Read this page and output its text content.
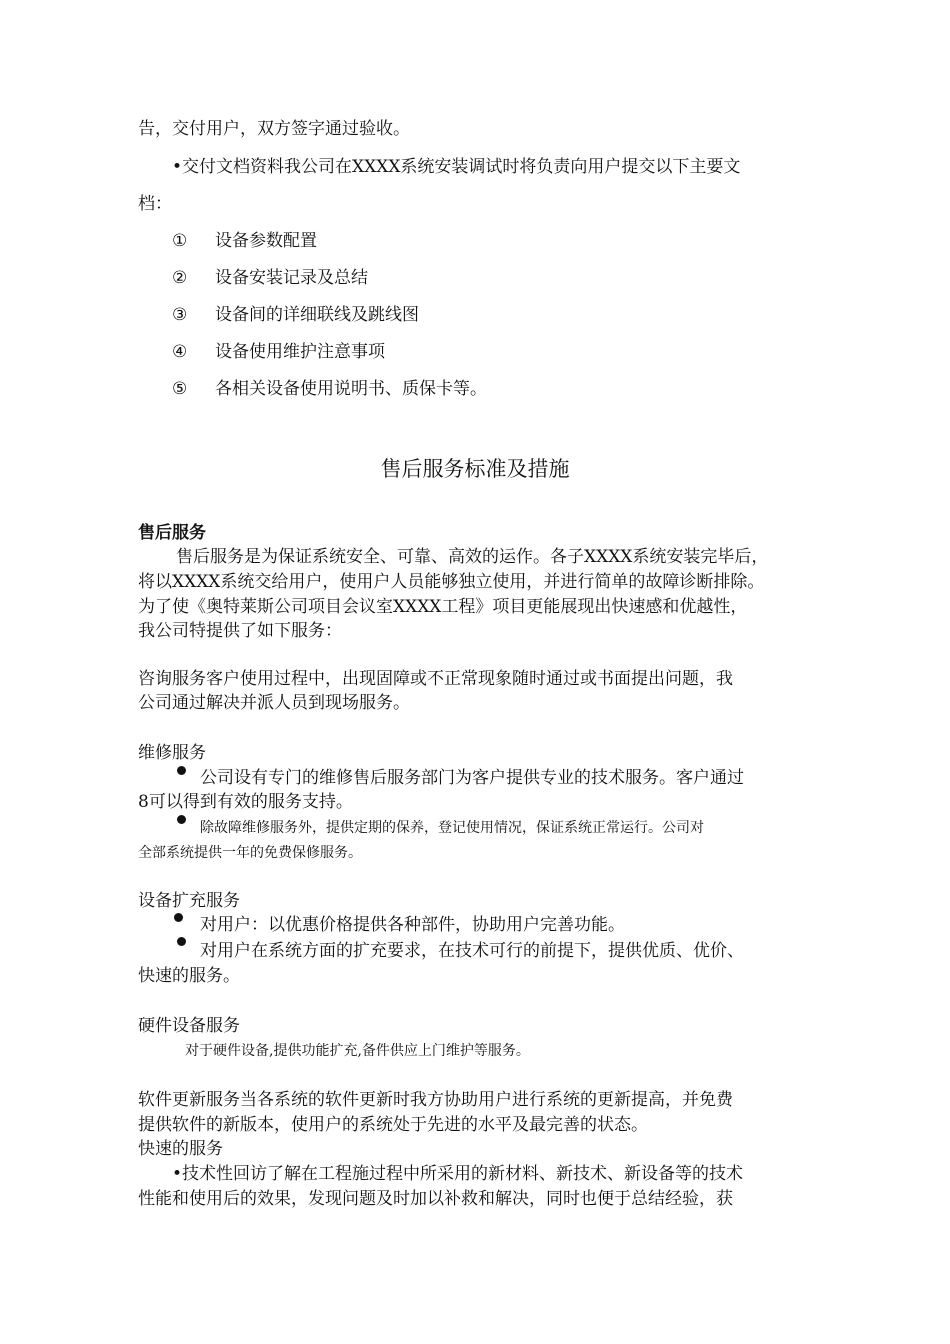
告，交付用户，双方签字通过验收。
•交付文档资料我公司在XXXX系统安装调试时将负责向用户提交以下主要文
档：
① 设备参数配置
② 设备安装记录及总结
③ 设备间的详细联线及跳线图
④ 设备使用维护注意事项
⑤ 各相关设备使用说明书、质保卡等。
售后服务标准及措施
售后服务
售后服务是为保证系统安全、可靠、高效的运作。各子XXXX系统安装完毕后，
将以XXXX系统交给用户，使用户人员能够独立使用，并进行简单的故障诊断排除。
为了使《奥特莱斯公司项目会议室XXXX工程》项目更能展现出快速感和优越性，
我公司特提供了如下服务：
咨询服务客户使用过程中，出现固障或不正常现象随时通过或书面提出问题，我
公司通过解决并派人员到现场服务。
维修服务
公司设有专门的维修售后服务部门为客户提供专业的技术服务。客户通过
8可以得到有效的服务支持。
除故障维修服务外，提供定期的保养，登记使用情况，保证系统正常运行。公司对
全部系统提供一年的免费保修服务。
设备扩充服务
对用户：以优惠价格提供各种部件，协助用户完善功能。
对用户在系统方面的扩充要求，在技术可行的前提下，提供优质、优价、
快速的服务。
硬件设备服务
对于硬件设备,提供功能扩充,备件供应上门维护等服务。
软件更新服务当各系统的软件更新时我方协助用户进行系统的更新提高，并免费
提供软件的新版本，使用户的系统处于先进的水平及最完善的状态。
快速的服务
•技术性回访了解在工程施过程中所采用的新材料、新技术、新设备等的技术
性能和使用后的效果，发现问题及时加以补救和解决，同时也便于总结经验，获
